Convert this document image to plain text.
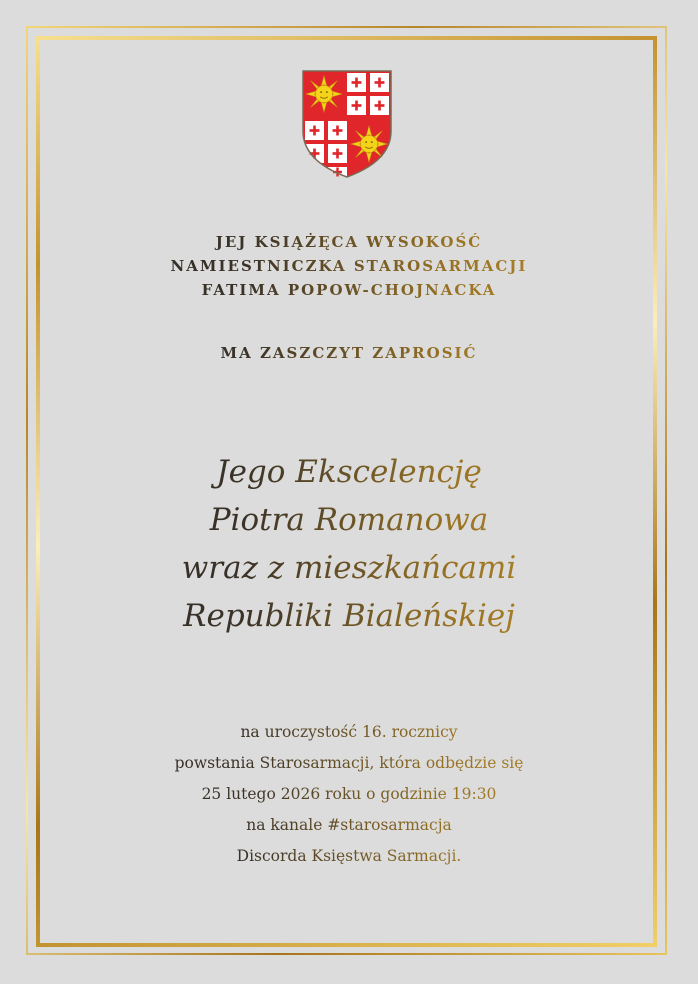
JEJ KSIĄŻĘCA WYSOKOŚĆ
NAMIESTNICZKA STAROSARMACJI
FATIMA POPOW-CHOJNACKA
MA ZASZCZYT ZAPROSIĆ
Jego Ekscelencję
Piotra Romanowa
wraz z mieszkańcami
Republiki Bialeńskiej
na uroczystość 16. rocznicy
powstania Starosarmacji, która odbędzie się
25 lutego 2026 roku o godzinie 19:30
na kanale #starosarmacja
Discorda Księstwa Sarmacji.
